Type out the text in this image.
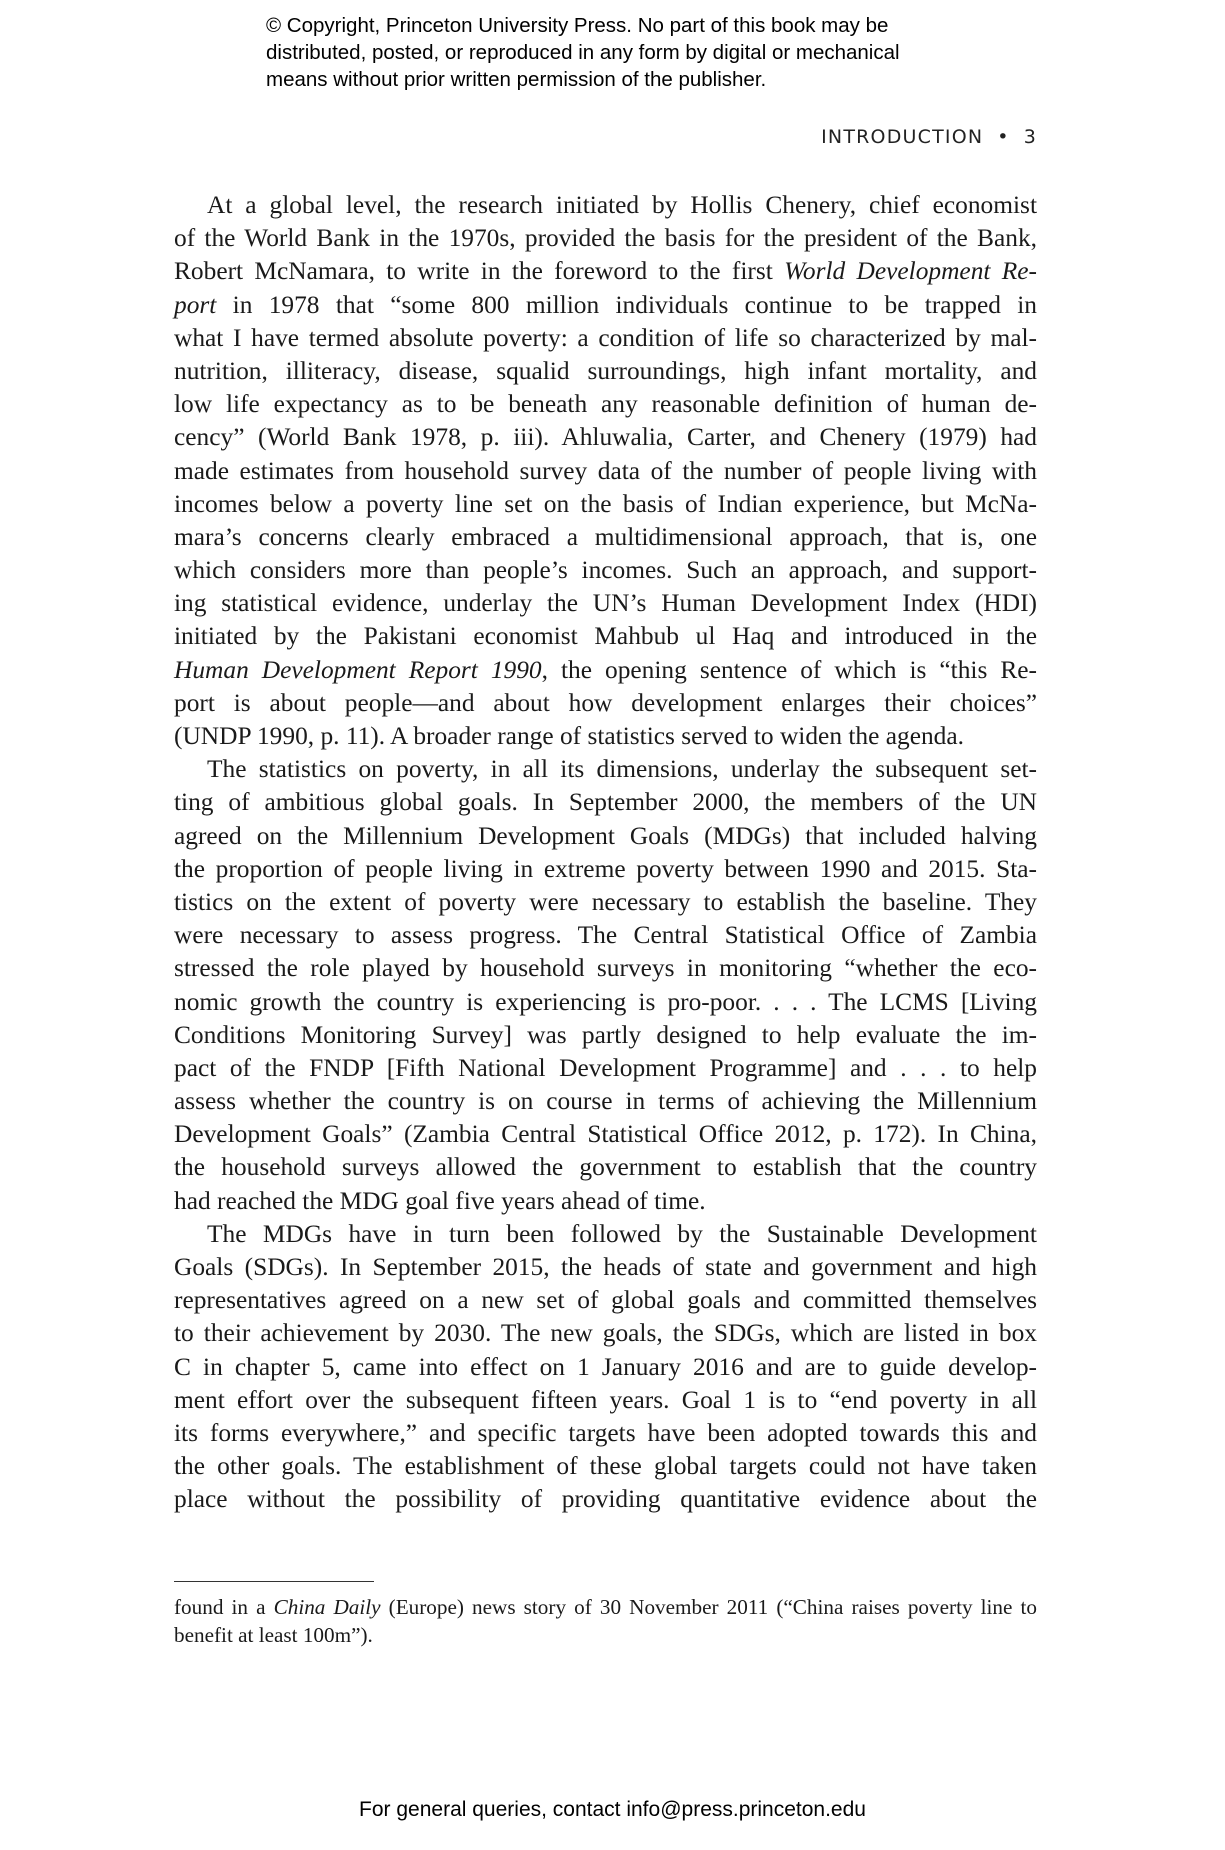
© Copyright, Princeton University Press. No part of this book may be
distributed, posted, or reproduced in any form by digital or mechanical
means without prior written permission of the publisher.
INTRODUCTION • 3
At a global level, the research initiated by Hollis Chenery, chief economist
of the World Bank in the 1970s, provided the basis for the president of the Bank,
Robert McNamara, to write in the foreword to the first World Development Re-
port in 1978 that “some 800 million individuals continue to be trapped in
what I have termed absolute poverty: a condition of life so characterized by mal-
nutrition, illiteracy, disease, squalid surroundings, high infant mortality, and
low life expectancy as to be beneath any reasonable definition of human de-
cency” (World Bank 1978, p. iii). Ahluwalia, Carter, and Chenery (1979) had
made estimates from household survey data of the number of people living with
incomes below a poverty line set on the basis of Indian experience, but McNa-
mara’s concerns clearly embraced a multidimensional approach, that is, one
which considers more than people’s incomes. Such an approach, and support-
ing statistical evidence, underlay the UN’s Human Development Index (HDI)
initiated by the Pakistani economist Mahbub ul Haq and introduced in the
Human Development Report 1990, the opening sentence of which is “this Re-
port is about people—and about how development enlarges their choices”
(UNDP 1990, p. 11). A broader range of statistics served to widen the agenda.
The statistics on poverty, in all its dimensions, underlay the subsequent set-
ting of ambitious global goals. In September 2000, the members of the UN
agreed on the Millennium Development Goals (MDGs) that included halving
the proportion of people living in extreme poverty between 1990 and 2015. Sta-
tistics on the extent of poverty were necessary to establish the baseline. They
were necessary to assess progress. The Central Statistical Office of Zambia
stressed the role played by household surveys in monitoring “whether the eco-
nomic growth the country is experiencing is pro-poor. . . . The LCMS [Living
Conditions Monitoring Survey] was partly designed to help evaluate the im-
pact of the FNDP [Fifth National Development Programme] and . . . to help
assess whether the country is on course in terms of achieving the Millennium
Development Goals” (Zambia Central Statistical Office 2012, p. 172). In China,
the household surveys allowed the government to establish that the country
had reached the MDG goal five years ahead of time.
The MDGs have in turn been followed by the Sustainable Development
Goals (SDGs). In September 2015, the heads of state and government and high
representatives agreed on a new set of global goals and committed themselves
to their achievement by 2030. The new goals, the SDGs, which are listed in box
C in chapter 5, came into effect on 1 January 2016 and are to guide develop-
ment effort over the subsequent fifteen years. Goal 1 is to “end poverty in all
its forms everywhere,” and specific targets have been adopted towards this and
the other goals. The establishment of these global targets could not have taken
place without the possibility of providing quantitative evidence about the
found in a China Daily (Europe) news story of 30 November 2011 (“China raises poverty line to
benefit at least 100m”).
For general queries, contact info@press.princeton.edu
